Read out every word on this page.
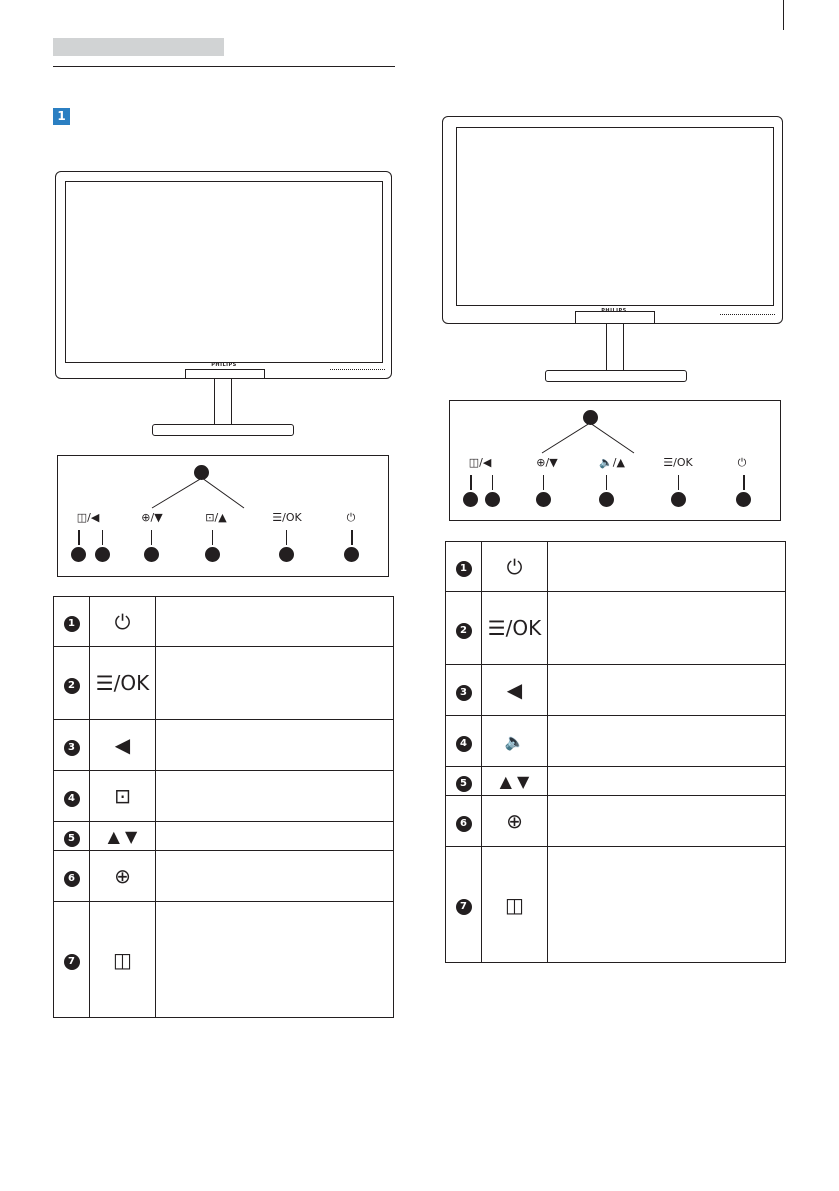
1
PHILIPS
◫/◀	⊕/▼	⊡/▲	☰/OK	⏻
1	⏻	
2	☰/OK	
3	◀	
4	⊡	
5	▲ ▼	
6	⊕	
7	◫	
PHILIPS
◫/◀	⊕/▼	🔈/▲	☰/OK	⏻
1	⏻	
2	☰/OK	
3	◀	
4	🔈	
5	▲ ▼	
6	⊕	
7	◫	
